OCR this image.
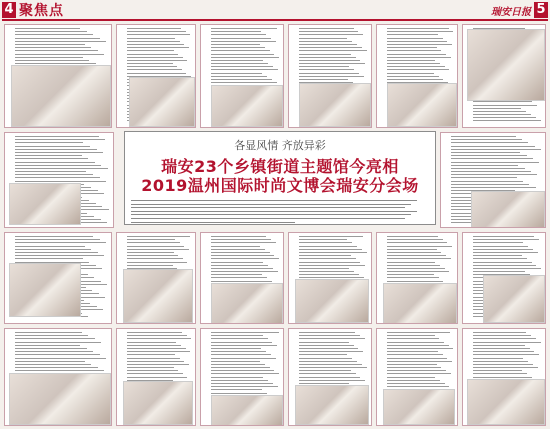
4 聚焦点	瑞安日报 5
各显风情 齐放异彩
瑞安23个乡镇街道主题馆今亮相
2019温州国际时尚文博会瑞安分会场
